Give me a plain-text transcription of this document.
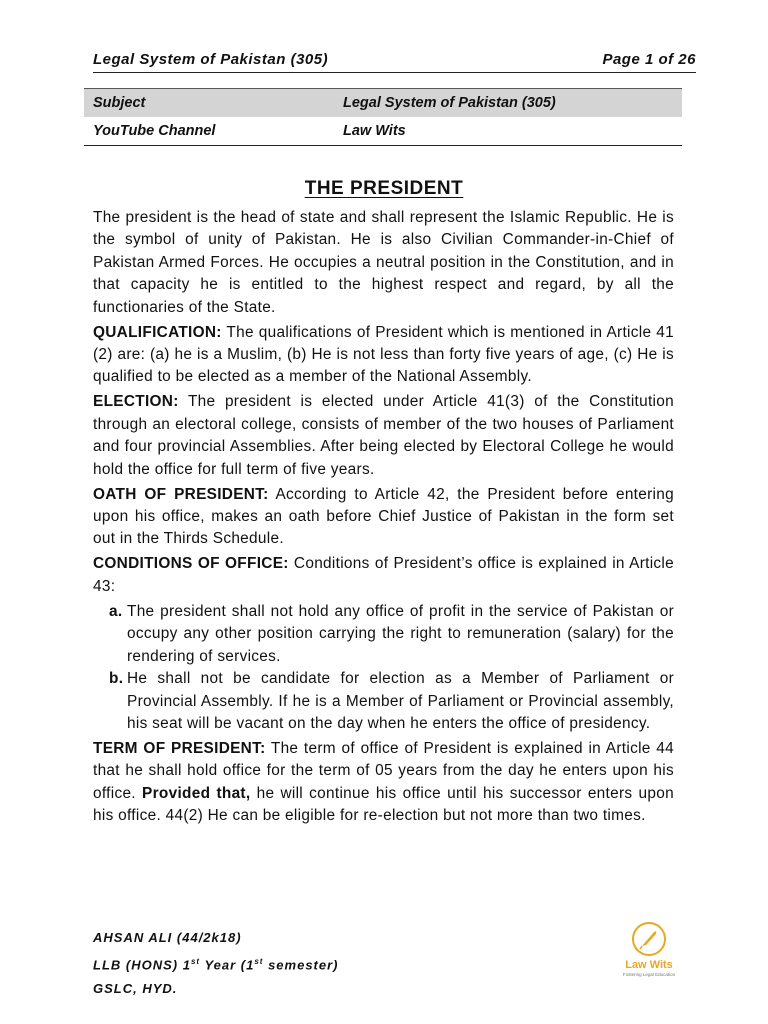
Legal System of Pakistan (305)	Page 1 of 26
Subject	Legal System of Pakistan (305)
YouTube Channel	Law Wits
THE PRESIDENT

The president is the head of state and shall represent the Islamic Republic. He is the symbol of unity of Pakistan. He is also Civilian Commander-in-Chief of Pakistan Armed Forces. He occupies a neutral position in the Constitution, and in that capacity he is entitled to the highest respect and regard, by all the functionaries of the State.

QUALIFICATION: The qualifications of President which is mentioned in Article 41 (2) are: (a) he is a Muslim, (b) He is not less than forty five years of age, (c) He is qualified to be elected as a member of the National Assembly.

ELECTION: The president is elected under Article 41(3) of the Constitution through an electoral college, consists of member of the two houses of Parliament and four provincial Assemblies. After being elected by Electoral College he would hold the office for full term of five years.

OATH OF PRESIDENT: According to Article 42, the President before entering upon his office, makes an oath before Chief Justice of Pakistan in the form set out in the Thirds Schedule.

CONDITIONS OF OFFICE: Conditions of President’s office is explained in Article 43:

a. The president shall not hold any office of profit in the service of Pakistan or occupy any other position carrying the right to remuneration (salary) for the rendering of services.
b. He shall not be candidate for election as a Member of Parliament or Provincial Assembly. If he is a Member of Parliament or Provincial assembly, his seat will be vacant on the day when he enters the office of presidency.

TERM OF PRESIDENT: The term of office of President is explained in Article 44 that he shall hold office for the term of 05 years from the day he enters upon his office. Provided that, he will continue his office until his successor enters upon his office. 44(2) He can be eligible for re-election but not more than two times.

AHSAN ALI (44/2k18)
LLB (HONS) 1st Year (1st semester)
GSLC, HYD.
Law Wits
Fostering Legal Education
